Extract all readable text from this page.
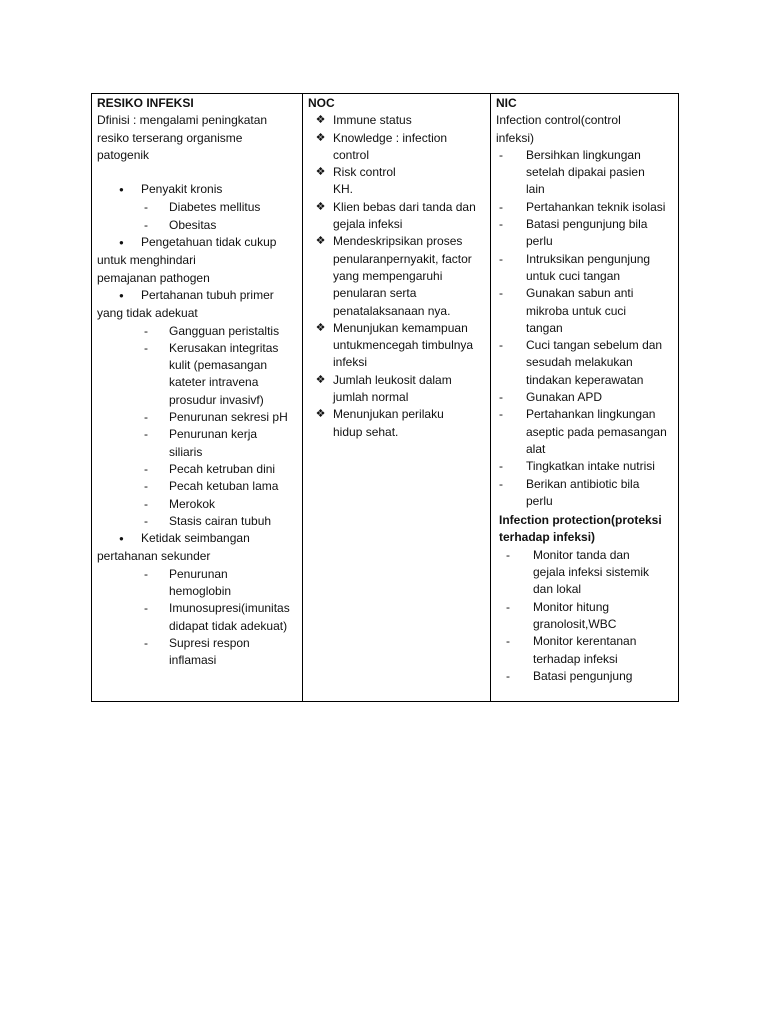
RESIKO INFEKSI
Dfinisi : mengalami peningkatan
resiko terserang organisme
patogenik
●
Penyakit kronis
-
Diabetes mellitus
-
Obesitas
●
Pengetahuan tidak cukup
untuk menghindari
pemajanan pathogen
●
Pertahanan tubuh primer
yang tidak adekuat
-
Gangguan peristaltis
-
Kerusakan integritas
kulit (pemasangan
kateter intravena
prosudur invasivf)
-
Penurunan sekresi pH
-
Penurunan kerja
siliaris
-
Pecah ketruban dini
-
Pecah ketuban lama
-
Merokok
-
Stasis cairan tubuh
●
Ketidak seimbangan
pertahanan sekunder
-
Penurunan
hemoglobin
-
Imunosupresi(imunitas
didapat tidak adekuat)
-
Supresi respon
inflamasi
NOC
❖ Immune status
❖ Knowledge : infection
control
❖ Risk control
KH.
❖ Klien bebas dari tanda dan
gejala infeksi
❖ Mendeskripsikan proses
penularanpernyakit, factor
yang mempengaruhi
penularan serta
penatalaksanaan nya.
❖ Menunjukan kemampuan
untukmencegah timbulnya
infeksi
❖ Jumlah leukosit dalam
jumlah normal
❖ Menunjukan perilaku
hidup sehat.
NIC
Infection control(control
infeksi)
-
Bersihkan lingkungan
setelah dipakai pasien
lain
-
Pertahankan teknik isolasi
-
Batasi pengunjung bila
perlu
-
Intruksikan pengunjung
untuk cuci tangan
-
Gunakan sabun anti
mikroba untuk cuci
tangan
-
Cuci tangan sebelum dan
sesudah melakukan
tindakan keperawatan
-
Gunakan APD
-
Pertahankan lingkungan
aseptic pada pemasangan
alat
-
Tingkatkan intake nutrisi
-
Berikan antibiotic bila
perlu
Infection protection(proteksi
terhadap infeksi)
-
Monitor tanda dan
gejala infeksi sistemik
dan lokal
-
Monitor hitung
granolosit,WBC
-
Monitor kerentanan
terhadap infeksi
-
Batasi pengunjung
